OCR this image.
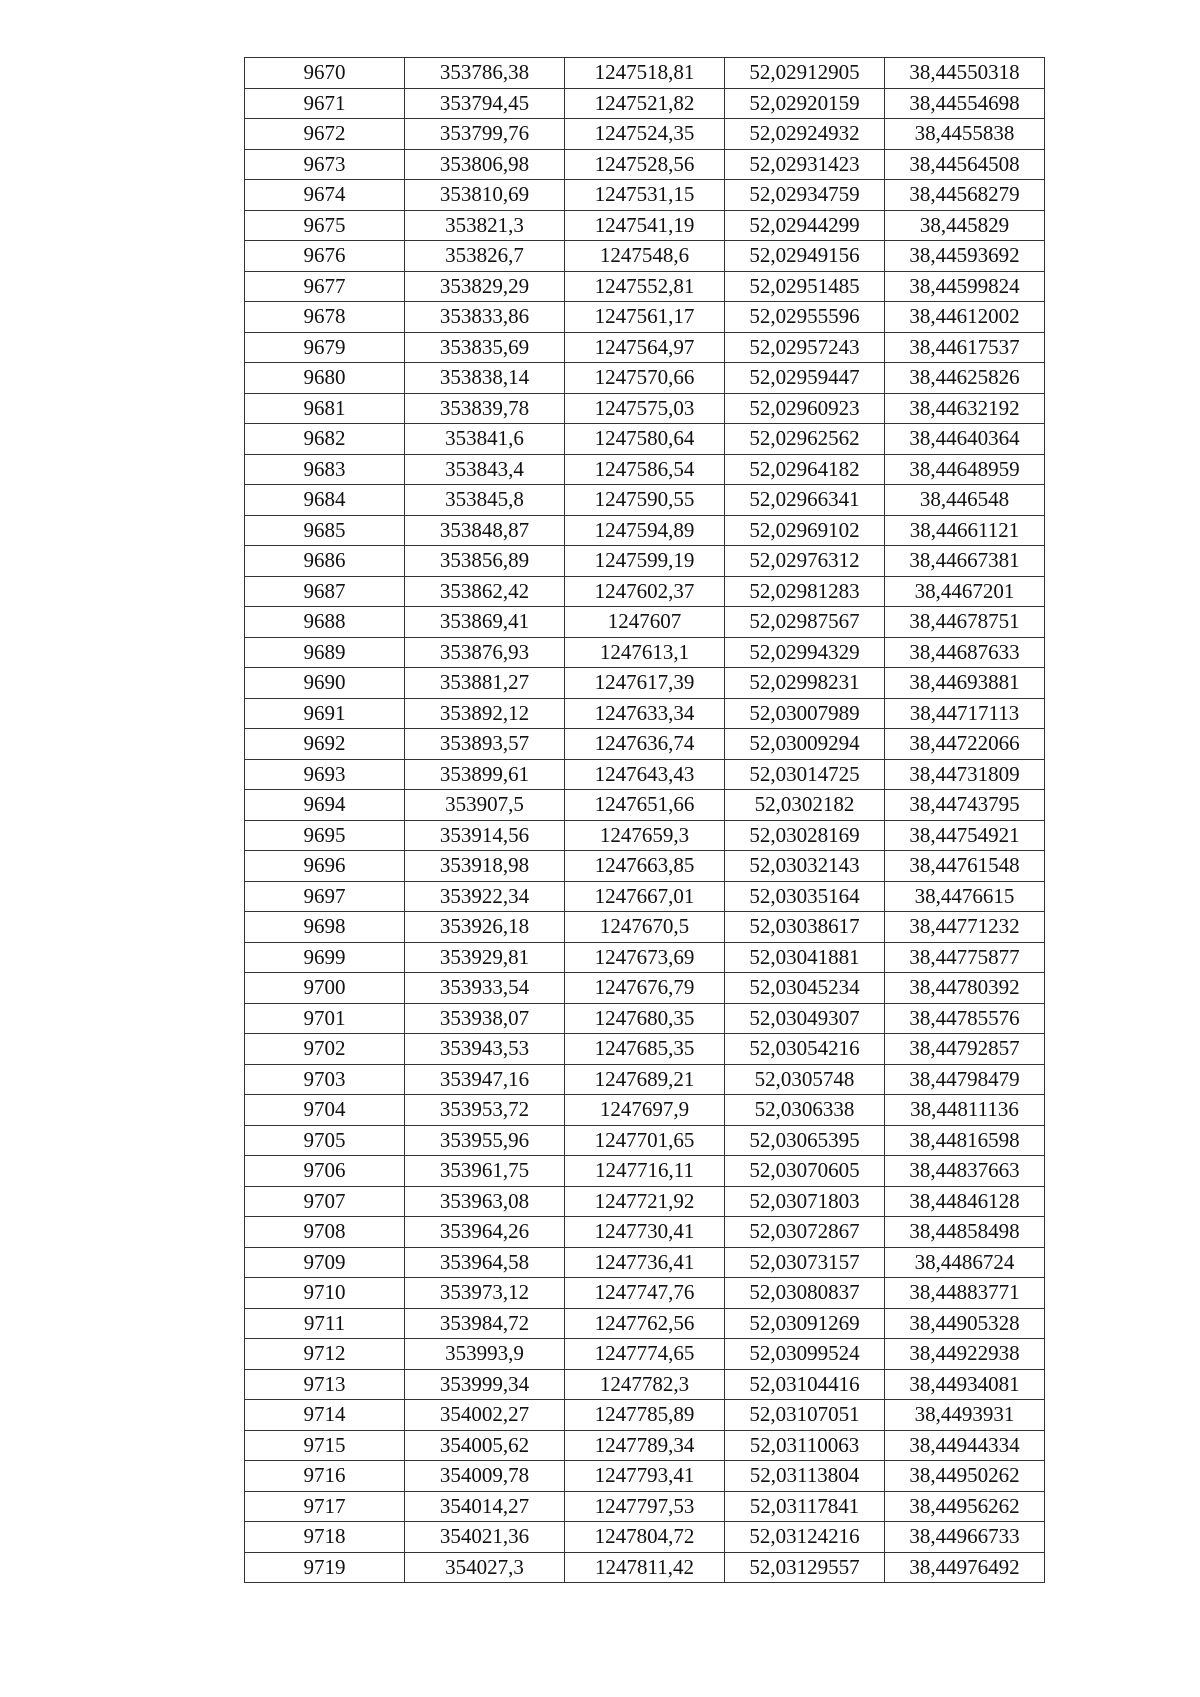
9670	353786,38	1247518,81	52,02912905	38,44550318
9671	353794,45	1247521,82	52,02920159	38,44554698
9672	353799,76	1247524,35	52,02924932	38,4455838
9673	353806,98	1247528,56	52,02931423	38,44564508
9674	353810,69	1247531,15	52,02934759	38,44568279
9675	353821,3	1247541,19	52,02944299	38,445829
9676	353826,7	1247548,6	52,02949156	38,44593692
9677	353829,29	1247552,81	52,02951485	38,44599824
9678	353833,86	1247561,17	52,02955596	38,44612002
9679	353835,69	1247564,97	52,02957243	38,44617537
9680	353838,14	1247570,66	52,02959447	38,44625826
9681	353839,78	1247575,03	52,02960923	38,44632192
9682	353841,6	1247580,64	52,02962562	38,44640364
9683	353843,4	1247586,54	52,02964182	38,44648959
9684	353845,8	1247590,55	52,02966341	38,446548
9685	353848,87	1247594,89	52,02969102	38,44661121
9686	353856,89	1247599,19	52,02976312	38,44667381
9687	353862,42	1247602,37	52,02981283	38,4467201
9688	353869,41	1247607	52,02987567	38,44678751
9689	353876,93	1247613,1	52,02994329	38,44687633
9690	353881,27	1247617,39	52,02998231	38,44693881
9691	353892,12	1247633,34	52,03007989	38,44717113
9692	353893,57	1247636,74	52,03009294	38,44722066
9693	353899,61	1247643,43	52,03014725	38,44731809
9694	353907,5	1247651,66	52,0302182	38,44743795
9695	353914,56	1247659,3	52,03028169	38,44754921
9696	353918,98	1247663,85	52,03032143	38,44761548
9697	353922,34	1247667,01	52,03035164	38,4476615
9698	353926,18	1247670,5	52,03038617	38,44771232
9699	353929,81	1247673,69	52,03041881	38,44775877
9700	353933,54	1247676,79	52,03045234	38,44780392
9701	353938,07	1247680,35	52,03049307	38,44785576
9702	353943,53	1247685,35	52,03054216	38,44792857
9703	353947,16	1247689,21	52,0305748	38,44798479
9704	353953,72	1247697,9	52,0306338	38,44811136
9705	353955,96	1247701,65	52,03065395	38,44816598
9706	353961,75	1247716,11	52,03070605	38,44837663
9707	353963,08	1247721,92	52,03071803	38,44846128
9708	353964,26	1247730,41	52,03072867	38,44858498
9709	353964,58	1247736,41	52,03073157	38,4486724
9710	353973,12	1247747,76	52,03080837	38,44883771
9711	353984,72	1247762,56	52,03091269	38,44905328
9712	353993,9	1247774,65	52,03099524	38,44922938
9713	353999,34	1247782,3	52,03104416	38,44934081
9714	354002,27	1247785,89	52,03107051	38,4493931
9715	354005,62	1247789,34	52,03110063	38,44944334
9716	354009,78	1247793,41	52,03113804	38,44950262
9717	354014,27	1247797,53	52,03117841	38,44956262
9718	354021,36	1247804,72	52,03124216	38,44966733
9719	354027,3	1247811,42	52,03129557	38,44976492
